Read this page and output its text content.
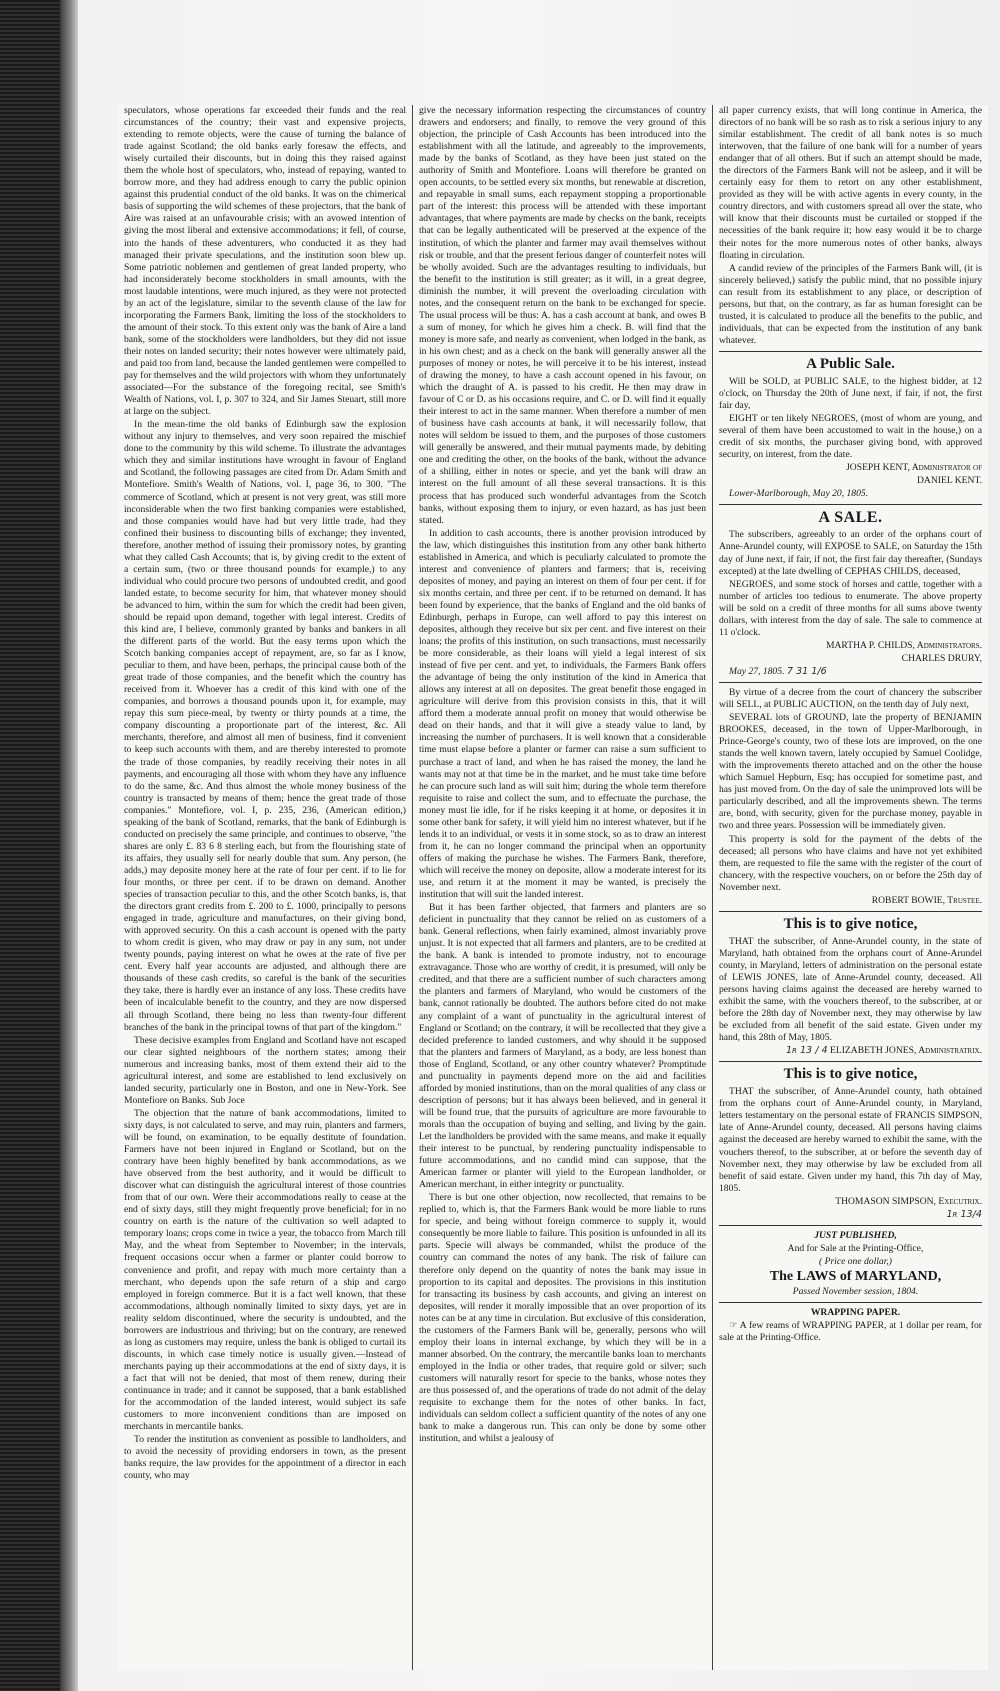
speculators, whose operations far exceeded their funds and the real circumstances of the country; their vast and expensive projects, extending to remote objects, were the cause of turning the balance of trade against Scotland; the old banks early foresaw the effects, and wisely curtailed their discounts, but in doing this they raised against them the whole host of speculators, who, instead of repaying, wanted to borrow more, and they had address enough to carry the public opinion against this prudential conduct of the old banks. It was on the chimerical basis of supporting the wild schemes of these projectors, that the bank of Aire was raised at an unfavourable crisis; with an avowed intention of giving the most liberal and extensive accommodations; it fell, of course, into the hands of these adventurers, who conducted it as they had managed their private speculations, and the institution soon blew up. Some patriotic noblemen and gentlemen of great landed property, who had inconsiderately become stockholders in small amounts, with the most laudable intentions, were much injured, as they were not protected by an act of the legislature, similar to the seventh clause of the law for incorporating the Farmers Bank, limiting the loss of the stockholders to the amount of their stock. To this extent only was the bank of Aire a land bank, some of the stockholders were landholders, but they did not issue their notes on landed security; their notes however were ultimately paid, and paid too from land, because the landed gentlemen were compelled to pay for themselves and the wild projectors with whom they unfortunately associated—For the substance of the foregoing recital, see Smith's Wealth of Nations, vol. I, p. 307 to 324, and Sir James Steuart, still more at large on the subject.

In the mean-time the old banks of Edinburgh saw the explosion without any injury to themselves, and very soon repaired the mischief done to the community by this wild scheme. To illustrate the advantages which they and similar institutions have wrought in favour of England and Scotland, the following passages are cited from Dr. Adam Smith and Montefiore. Smith's Wealth of Nations, vol. I, page 36, to 300. "The commerce of Scotland, which at present is not very great, was still more inconsiderable when the two first banking companies were established, and those companies would have had but very little trade, had they confined their business to discounting bills of exchange; they invented, therefore, another method of issuing their promissory notes, by granting what they called Cash Accounts; that is, by giving credit to the extent of a certain sum, (two or three thousand pounds for example,) to any individual who could procure two persons of undoubted credit, and good landed estate, to become security for him, that whatever money should be advanced to him, within the sum for which the credit had been given, should be repaid upon demand, together with legal interest. Credits of this kind are, I believe, commonly granted by banks and bankers in all the different parts of the world. But the easy terms upon which the Scotch banking companies accept of repayment, are, so far as I know, peculiar to them, and have been, perhaps, the principal cause both of the great trade of those companies, and the benefit which the country has received from it. Whoever has a credit of this kind with one of the companies, and borrows a thousand pounds upon it, for example, may repay this sum piece-meal, by twenty or thirty pounds at a time, the company discounting a proportionate part of the interest, &c. All merchants, therefore, and almost all men of business, find it convenient to keep such accounts with them, and are thereby interested to promote the trade of those companies, by readily receiving their notes in all payments, and encouraging all those with whom they have any influence to do the same, &c. And thus almost the whole money business of the country is transacted by means of them; hence the great trade of those companies." Montefiore, vol. I, p. 235, 236, (American edition,) speaking of the bank of Scotland, remarks, that the bank of Edinburgh is conducted on precisely the same principle, and continues to observe, "the shares are only £. 83 6 8 sterling each, but from the flourishing state of its affairs, they usually sell for nearly double that sum. Any person, (he adds,) may deposite money here at the rate of four per cent. if to lie for four months, or three per cent. if to be drawn on demand. Another species of transaction peculiar to this, and the other Scotch banks, is, that the directors grant credits from £. 200 to £. 1000, principally to persons engaged in trade, agriculture and manufactures, on their giving bond, with approved security. On this a cash account is opened with the party to whom credit is given, who may draw or pay in any sum, not under twenty pounds, paying interest on what he owes at the rate of five per cent. Every half year accounts are adjusted, and although there are thousands of these cash credits, so careful is the bank of the securities they take, there is hardly ever an instance of any loss. These credits have been of incalculable benefit to the country, and they are now dispersed all through Scotland, there being no less than twenty-four different branches of the bank in the principal towns of that part of the kingdom."

These decisive examples from England and Scotland have not escaped our clear sighted neighbours of the northern states; among their numerous and increasing banks, most of them extend their aid to the agricultural interest, and some are established to lend exclusively on landed security, particularly one in Boston, and one in New-York. See Montefiore on Banks. Sub Joce

The objection that the nature of bank accommodations, limited to sixty days, is not calculated to serve, and may ruin, planters and farmers, will be found, on examination, to be equally destitute of foundation. Farmers have not been injured in England or Scotland, but on the contrary have been highly benefited by bank accommodations, as we have observed from the best authority, and it would be difficult to discover what can distinguish the agricultural interest of those countries from that of our own. Were their accommodations really to cease at the end of sixty days, still they might frequently prove beneficial; for in no country on earth is the nature of the cultivation so well adapted to temporary loans; crops come in twice a year, the tobacco from March till May, and the wheat from September to November; in the intervals, frequent occasions occur when a farmer or planter could borrow to convenience and profit, and repay with much more certainty than a merchant, who depends upon the safe return of a ship and cargo employed in foreign commerce. But it is a fact well known, that these accommodations, although nominally limited to sixty days, yet are in reality seldom discontinued, where the security is undoubted, and the borrowers are industrious and thriving; but on the contrary, are renewed as long as customers may require, unless the bank is obliged to curtail its discounts, in which case timely notice is usually given.—Instead of merchants paying up their accommodations at the end of sixty days, it is a fact that will not be denied, that most of them renew, during their continuance in trade; and it cannot be supposed, that a bank established for the accommodation of the landed interest, would subject its safe customers to more inconvenient conditions than are imposed on merchants in mercantile banks.

To render the institution as convenient as possible to landholders, and to avoid the necessity of providing endorsers in town, as the present banks require, the law provides for the appointment of a director in each county, who may

give the necessary information respecting the circumstances of country drawers and endorsers; and finally, to remove the very ground of this objection, the principle of Cash Accounts has been introduced into the establishment with all the latitude, and agreeably to the improvements, made by the banks of Scotland, as they have been just stated on the authority of Smith and Montefiore. Loans will therefore be granted on open accounts, to be settled every six months, but renewable at discretion, and repayable in small sums, each repayment stopping a proportionable part of the interest: this process will be attended with these important advantages, that where payments are made by checks on the bank, receipts that can be legally authenticated will be preserved at the expence of the institution, of which the planter and farmer may avail themselves without risk or trouble, and that the present ferious danger of counterfeit notes will be wholly avoided. Such are the advantages resulting to individuals, but the benefit to the institution is still greater; as it will, in a great degree, diminish the number, it will prevent the overloading circulation with notes, and the consequent return on the bank to be exchanged for specie. The usual process will be thus: A. has a cash account at bank, and owes B a sum of money, for which he gives him a check. B. will find that the money is more safe, and nearly as convenient, when lodged in the bank, as in his own chest; and as a check on the bank will generally answer all the purposes of money or notes, he will perceive it to be his interest, instead of drawing the money, to have a cash account opened in his favour, on which the draught of A. is passed to his credit. He then may draw in favour of C or D. as his occasions require, and C. or D. will find it equally their interest to act in the same manner. When therefore a number of men of business have cash accounts at bank, it will necessarily follow, that notes will seldom be issued to them, and the purposes of those customers will generally be answered, and their mutual payments made, by debiting one and crediting the other, on the books of the bank, without the advance of a shilling, either in notes or specie, and yet the bank will draw an interest on the full amount of all these several transactions. It is this process that has produced such wonderful advantages from the Scotch banks, without exposing them to injury, or even hazard, as has just been stated.

In addition to cash accounts, there is another provision introduced by the law, which distinguishes this institution from any other bank hitherto established in America, and which is peculiarly calculated to promote the interest and convenience of planters and farmers; that is, receiving deposites of money, and paying an interest on them of four per cent. if for six months certain, and three per cent. if to be returned on demand. It has been found by experience, that the banks of England and the old banks of Edinburgh, perhaps in Europe, can well afford to pay this interest on deposites, although they receive but six per cent. and five interest on their loans; the profits of this institution, on such transactions, must necessarily be more considerable, as their loans will yield a legal interest of six instead of five per cent. and yet, to individuals, the Farmers Bank offers the advantage of being the only institution of the kind in America that allows any interest at all on deposites. The great benefit those engaged in agriculture will derive from this provision consists in this, that it will afford them a moderate annual profit on money that would otherwise be dead on their hands, and that it will give a steady value to land, by increasing the number of purchasers. It is well known that a considerable time must elapse before a planter or farmer can raise a sum sufficient to purchase a tract of land, and when he has raised the money, the land he wants may not at that time be in the market, and he must take time before he can procure such land as will suit him; during the whole term therefore requisite to raise and collect the sum, and to effectuate the purchase, the money must lie idle, for if he risks keeping it at home, or deposites it in some other bank for safety, it will yield him no interest whatever, but if he lends it to an individual, or vests it in some stock, so as to draw an interest from it, he can no longer command the principal when an opportunity offers of making the purchase he wishes. The Farmers Bank, therefore, which will receive the money on deposite, allow a moderate interest for its use, and return it at the moment it may be wanted, is precisely the institution that will suit the landed interest.

But it has been farther objected, that farmers and planters are so deficient in punctuality that they cannot be relied on as customers of a bank. General reflections, when fairly examined, almost invariably prove unjust. It is not expected that all farmers and planters, are to be credited at the bank. A bank is intended to promote industry, not to encourage extravagance. Those who are worthy of credit, it is presumed, will only be credited, and that there are a sufficient number of such characters among the planters and farmers of Maryland, who would be customers of the bank, cannot rationally be doubted. The authors before cited do not make any complaint of a want of punctuality in the agricultural interest of England or Scotland; on the contrary, it will be recollected that they give a decided preference to landed customers, and why should it be supposed that the planters and farmers of Maryland, as a body, are less honest than those of England, Scotland, or any other country whatever? Promptitude and punctuality in payments depend more on the aid and facilities afforded by monied institutions, than on the moral qualities of any class or description of persons; but it has always been believed, and in general it will be found true, that the pursuits of agriculture are more favourable to morals than the occupation of buying and selling, and living by the gain. Let the landholders be provided with the same means, and make it equally their interest to be punctual, by rendering punctuality indispensable to future accommodations, and no candid mind can suppose, that the American farmer or planter will yield to the European landholder, or American merchant, in either integrity or punctuality.

There is but one other objection, now recollected, that remains to be replied to, which is, that the Farmers Bank would be more liable to runs for specie, and being without foreign commerce to supply it, would consequently be more liable to failure. This position is unfounded in all its parts. Specie will always be commanded, whilst the produce of the country can command the notes of any bank. The risk of failure can therefore only depend on the quantity of notes the bank may issue in proportion to its capital and deposites. The provisions in this institution for transacting its business by cash accounts, and giving an interest on deposites, will render it morally impossible that an over proportion of its notes can be at any time in circulation. But exclusive of this consideration, the customers of the Farmers Bank will be, generally, persons who will employ their loans in internal exchange, by which they will be in a manner absorbed. On the contrary, the mercantile banks loan to merchants employed in the India or other trades, that require gold or silver; such customers will naturally resort for specie to the banks, whose notes they are thus possessed of, and the operations of trade do not admit of the delay requisite to exchange them for the notes of other banks. In fact, individuals can seldom collect a sufficient quantity of the notes of any one bank to make a dangerous run. This can only be done by some other institution, and whilst a jealousy of

all paper currency exists, that will long continue in America, the directors of no bank will be so rash as to risk a serious injury to any similar establishment. The credit of all bank notes is so much interwoven, that the failure of one bank will for a number of years endanger that of all others. But if such an attempt should be made, the directors of the Farmers Bank will not be asleep, and it will be certainly easy for them to retort on any other establishment, provided as they will be with active agents in every county, in the country directors, and with customers spread all over the state, who will know that their discounts must be curtailed or stopped if the necessities of the bank require it; how easy would it be to charge their notes for the more numerous notes of other banks, always floating in circulation.

A candid review of the principles of the Farmers Bank will, (it is sincerely believed,) satisfy the public mind, that no possible injury can result from its establishment to any place, or description of persons, but that, on the contrary, as far as human foresight can be trusted, it is calculated to produce all the benefits to the public, and individuals, that can be expected from the institution of any bank whatever.

A Public Sale.

Will be SOLD, at PUBLIC SALE, to the highest bidder, at 12 o'clock, on Thursday the 20th of June next, if fair, if not, the first fair day,

EIGHT or ten likely NEGROES, (most of whom are young, and several of them have been accustomed to wait in the house,) on a credit of six months, the purchaser giving bond, with approved security, on interest, from the date.

JOSEPH KENT, Administrator of

DANIEL KENT.

Lower-Marlborough, May 20, 1805.

A SALE.

The subscribers, agreeably to an order of the orphans court of Anne-Arundel county, will EXPOSE to SALE, on Saturday the 15th day of June next, if fair, if not, the first fair day thereafter, (Sundays excepted) at the late dwelling of CEPHAS CHILDS, deceased,

NEGROES, and some stock of horses and cattle, together with a number of articles too tedious to enumerate. The above property will be sold on a credit of three months for all sums above twenty dollars, with interest from the day of sale. The sale to commence at 11 o'clock.

MARTHA P. CHILDS, Administrators.

CHARLES DRURY,

May 27, 1805. 7 31 1/6

By virtue of a decree from the court of chancery the subscriber will SELL, at PUBLIC AUCTION, on the tenth day of July next,

SEVERAL lots of GROUND, late the property of BENJAMIN BROOKES, deceased, in the town of Upper-Marlborough, in Prince-George's county, two of these lots are improved, on the one stands the well known tavern, lately occupied by Samuel Coolidge, with the improvements thereto attached and on the other the house which Samuel Hepburn, Esq; has occupied for sometime past, and has just moved from. On the day of sale the unimproved lots will be particularly described, and all the improvements shewn. The terms are, bond, with security, given for the purchase money, payable in two and three years. Possession will be immediately given.

This property is sold for the payment of the debts of the deceased; all persons who have claims and have not yet exhibited them, are requested to file the same with the register of the court of chancery, with the respective vouchers, on or before the 25th day of November next.

ROBERT BOWIE, Trustee.

This is to give notice,

THAT the subscriber, of Anne-Arundel county, in the state of Maryland, hath obtained from the orphans court of Anne-Arundel county, in Maryland, letters of administration on the personal estate of LEWIS JONES, late of Anne-Arundel county, deceased. All persons having claims against the deceased are hereby warned to exhibit the same, with the vouchers thereof, to the subscriber, at or before the 28th day of November next, they may otherwise by law be excluded from all benefit of the said estate. Given under my hand, this 28th of May, 1805.

1r 13 / 4 ELIZABETH JONES, Administratrix.

This is to give notice,

THAT the subscriber, of Anne-Arundel county, hath obtained from the orphans court of Anne-Arundel county, in Maryland, letters testamentary on the personal estate of FRANCIS SIMPSON, late of Anne-Arundel county, deceased. All persons having claims against the deceased are hereby warned to exhibit the same, with the vouchers thereof, to the subscriber, at or before the seventh day of November next, they may otherwise by law be excluded from all benefit of said estate. Given under my hand, this 7th day of May, 1805.

THOMASON SIMPSON, Executrix.

1r 13/4

JUST PUBLISHED,

And for Sale at the Printing-Office,

( Price one dollar,)

The LAWS of MARYLAND,

Passed November session, 1804.

WRAPPING PAPER.

☞ A few reams of WRAPPING PAPER, at 1 dollar per ream, for sale at the Printing-Office.
